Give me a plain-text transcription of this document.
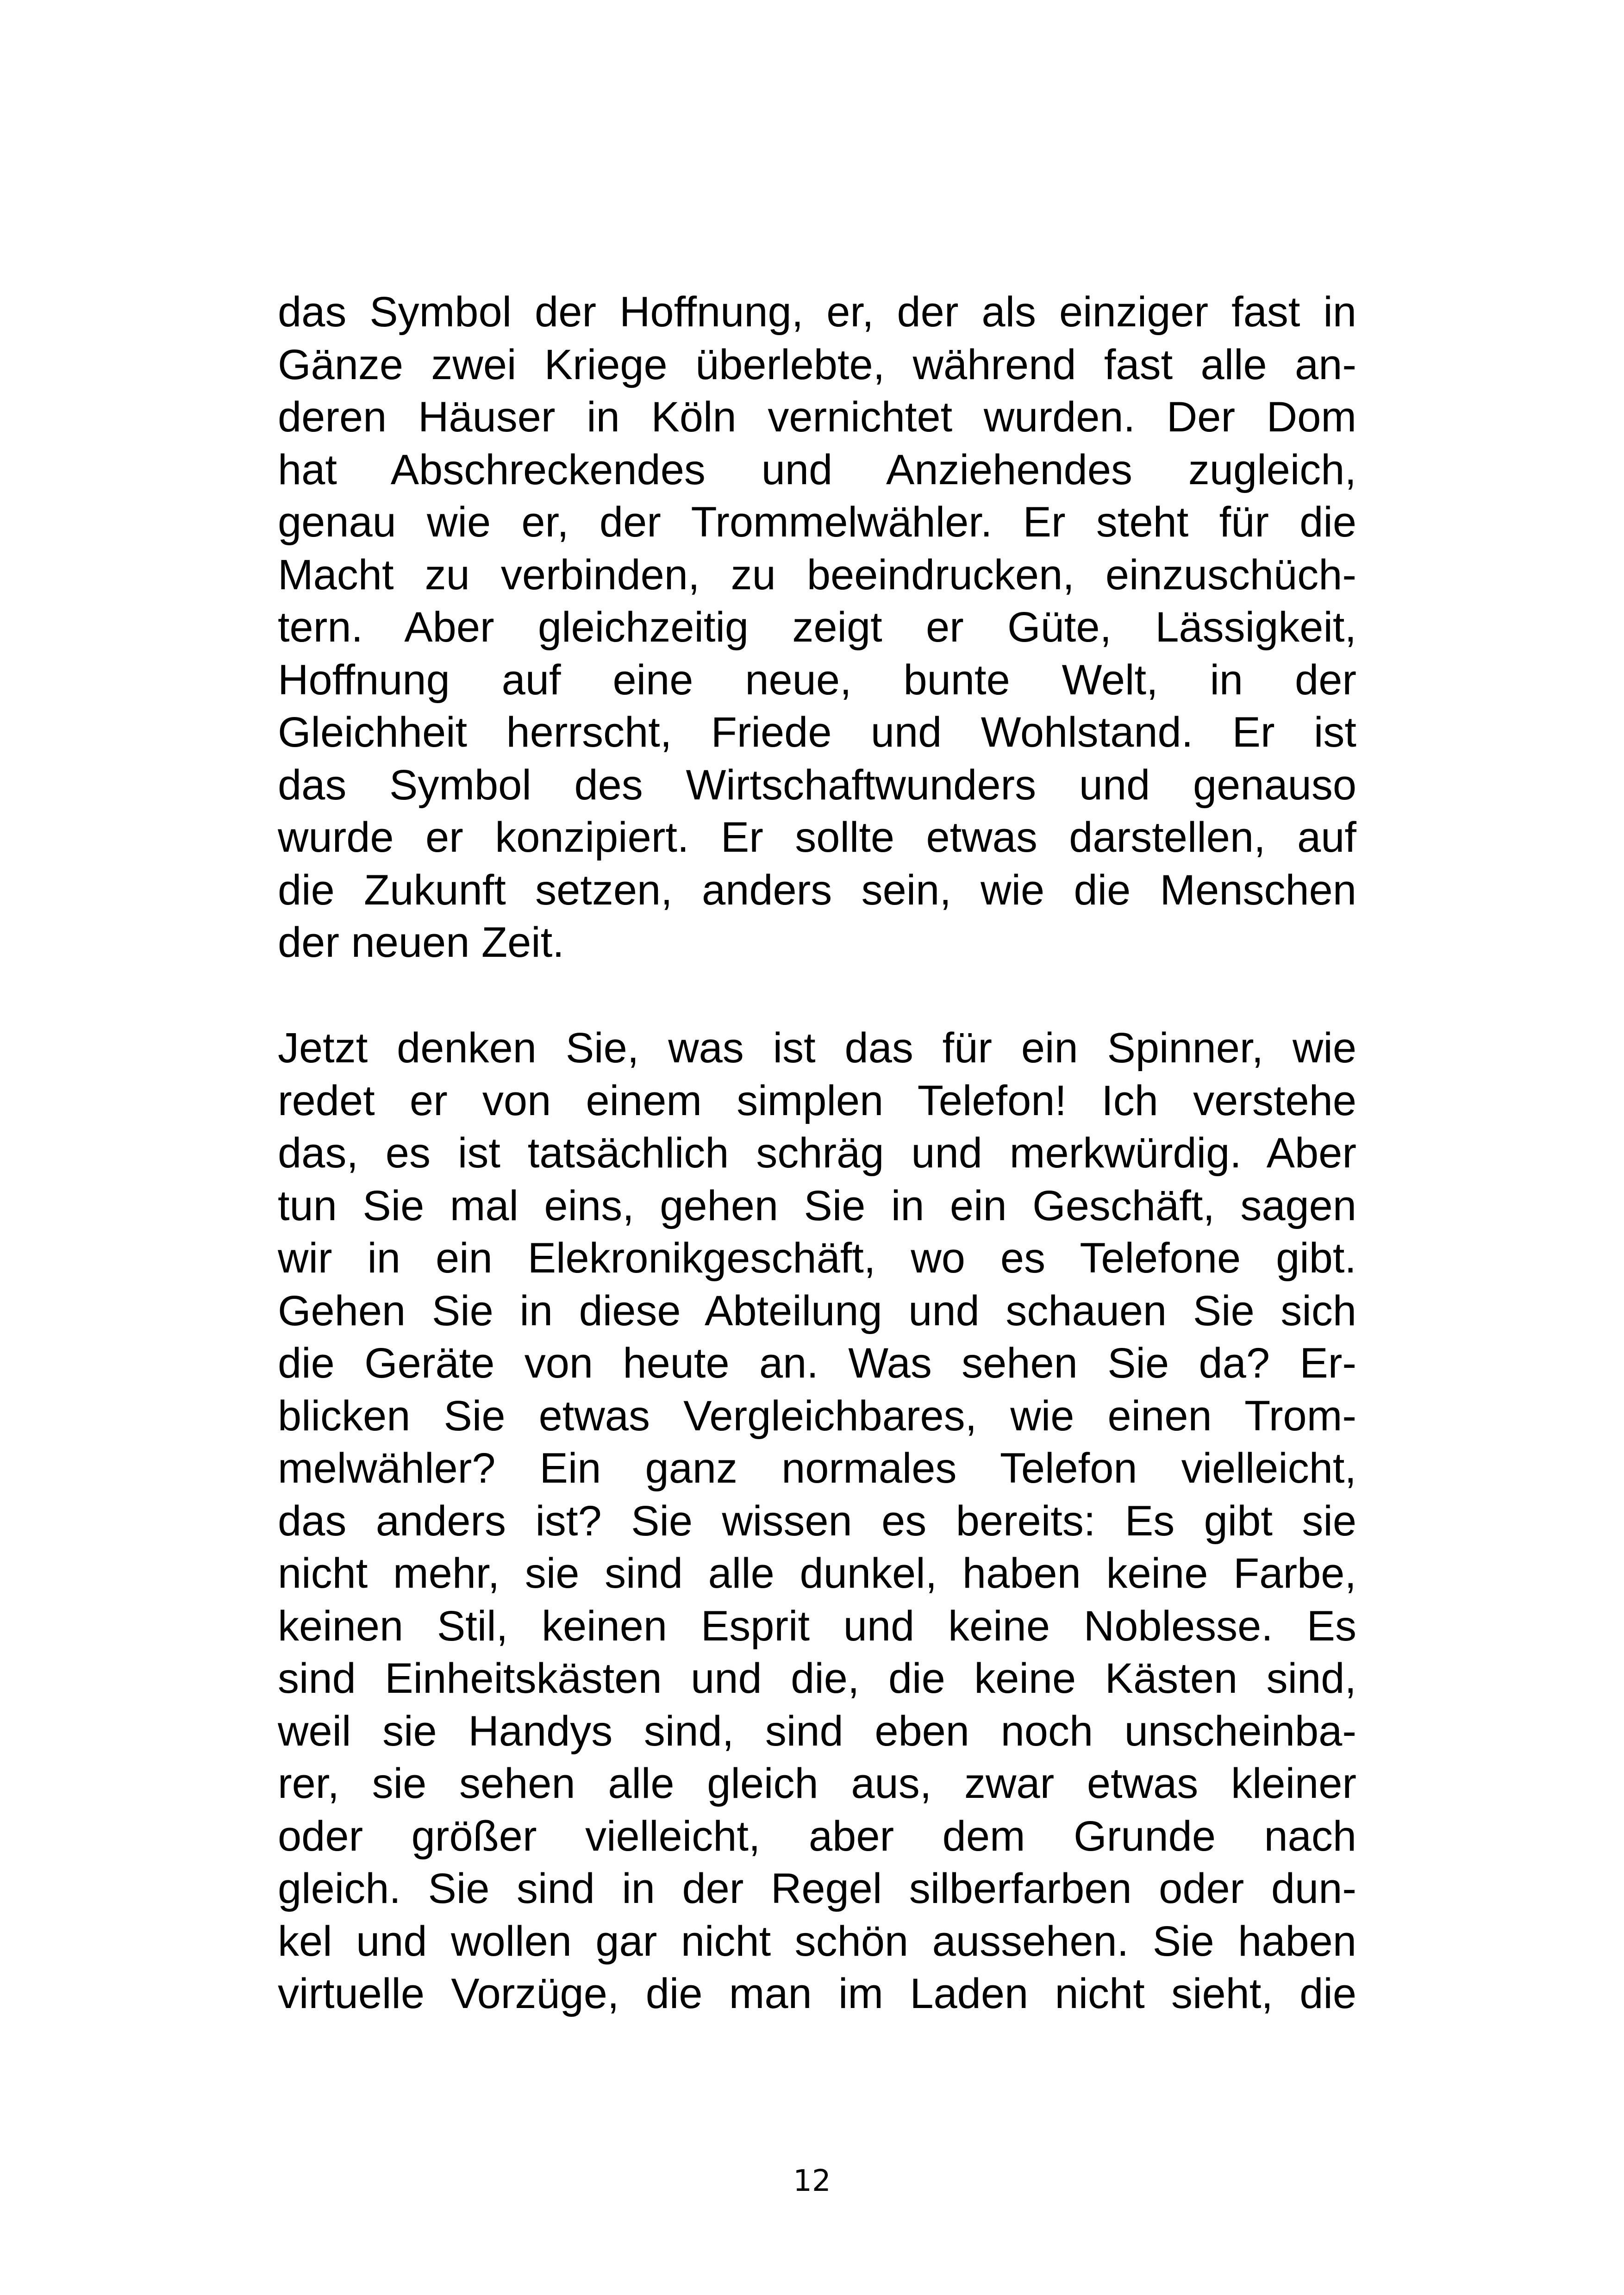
das Symbol der Hoffnung, er, der als einziger fast in
Gänze zwei Kriege überlebte, während fast alle an-
deren Häuser in Köln vernichtet wurden. Der Dom
hat Abschreckendes und Anziehendes zugleich,
genau wie er, der Trommelwähler. Er steht für die
Macht zu verbinden, zu beeindrucken, einzuschüch-
tern. Aber gleichzeitig zeigt er Güte, Lässigkeit,
Hoffnung auf eine neue, bunte Welt, in der
Gleichheit herrscht, Friede und Wohlstand. Er ist
das Symbol des Wirtschaftwunders und genauso
wurde er konzipiert. Er sollte etwas darstellen, auf
die Zukunft setzen, anders sein, wie die Menschen
der neuen Zeit.
Jetzt denken Sie, was ist das für ein Spinner, wie
redet er von einem simplen Telefon! Ich verstehe
das, es ist tatsächlich schräg und merkwürdig. Aber
tun Sie mal eins, gehen Sie in ein Geschäft, sagen
wir in ein Elekronikgeschäft, wo es Telefone gibt.
Gehen Sie in diese Abteilung und schauen Sie sich
die Geräte von heute an. Was sehen Sie da? Er-
blicken Sie etwas Vergleichbares, wie einen Trom-
melwähler? Ein ganz normales Telefon vielleicht,
das anders ist? Sie wissen es bereits: Es gibt sie
nicht mehr, sie sind alle dunkel, haben keine Farbe,
keinen Stil, keinen Esprit und keine Noblesse. Es
sind Einheitskästen und die, die keine Kästen sind,
weil sie Handys sind, sind eben noch unscheinba-
rer, sie sehen alle gleich aus, zwar etwas kleiner
oder größer vielleicht, aber dem Grunde nach
gleich. Sie sind in der Regel silberfarben oder dun-
kel und wollen gar nicht schön aussehen. Sie haben
virtuelle Vorzüge, die man im Laden nicht sieht, die
12
